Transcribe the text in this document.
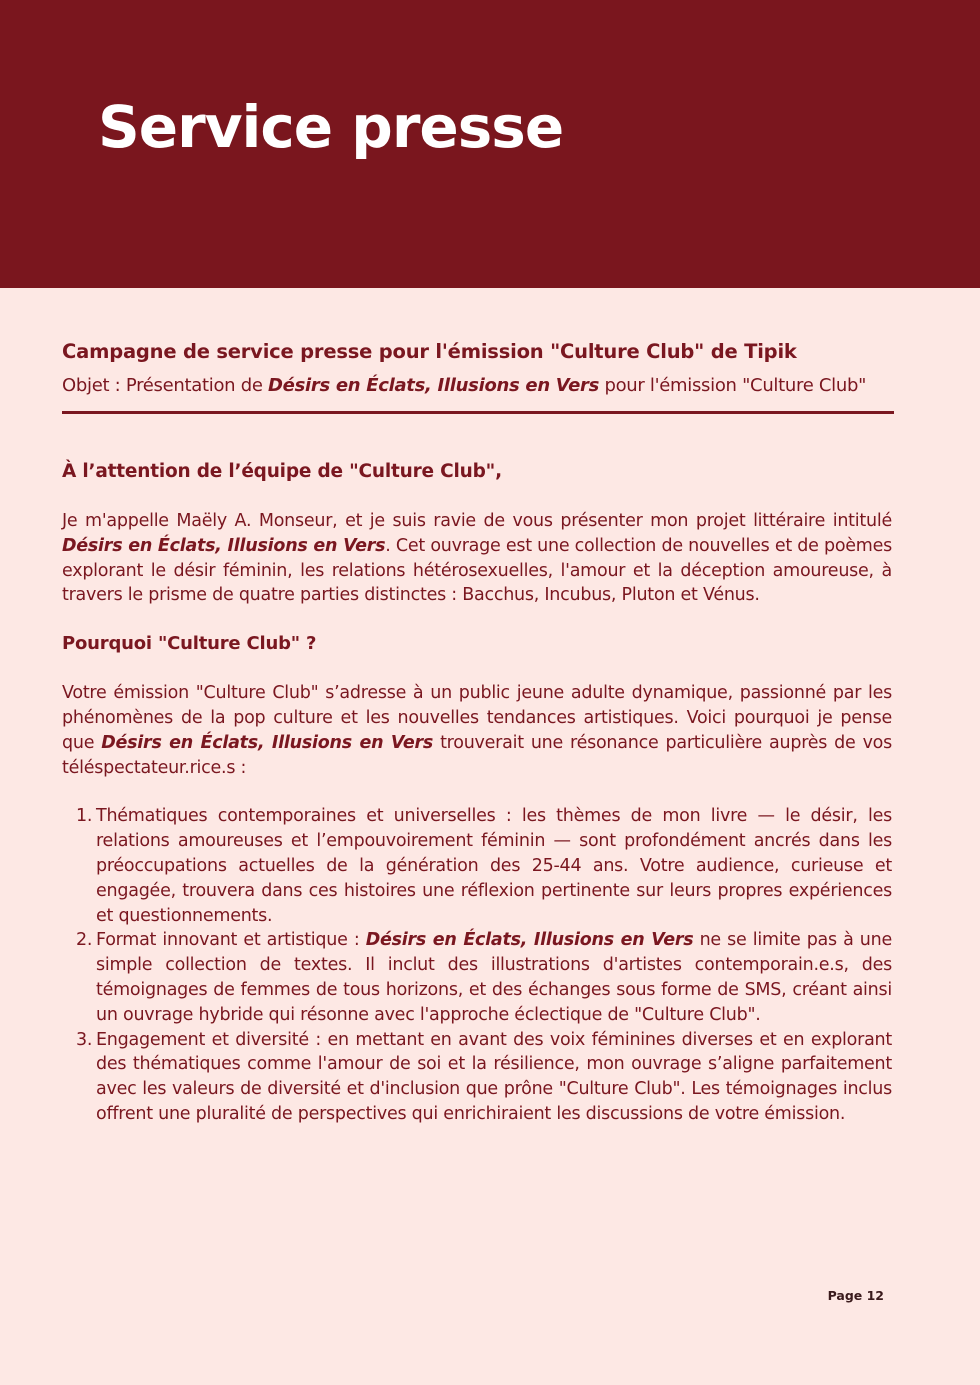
Service presse

Campagne de service presse pour l'émission "Culture Club" de Tipik

Objet : Présentation de Désirs en Éclats, Illusions en Vers pour l'émission "Culture Club"

À l’attention de l’équipe de "Culture Club",

Je m'appelle Maëly A. Monseur, et je suis ravie de vous présenter mon projet littéraire intitulé Désirs en Éclats, Illusions en Vers. Cet ouvrage est une collection de nouvelles et de poèmes explorant le désir féminin, les relations hétérosexuelles, l'amour et la déception amoureuse, à travers le prisme de quatre parties distinctes : Bacchus, Incubus, Pluton et Vénus.

Pourquoi "Culture Club" ?

Votre émission "Culture Club" s’adresse à un public jeune adulte dynamique, passionné par les phénomènes de la pop culture et les nouvelles tendances artistiques. Voici pourquoi je pense que Désirs en Éclats, Illusions en Vers trouverait une résonance particulière auprès de vos téléspectateur.rice.s :

1. Thématiques contemporaines et universelles : les thèmes de mon livre — le désir, les relations amoureuses et l’empouvoirement féminin — sont profondément ancrés dans les préoccupations actuelles de la génération des 25-44 ans. Votre audience, curieuse et engagée, trouvera dans ces histoires une réflexion pertinente sur leurs propres expériences et questionnements.
2. Format innovant et artistique : Désirs en Éclats, Illusions en Vers ne se limite pas à une simple collection de textes. Il inclut des illustrations d'artistes contemporain.e.s, des témoignages de femmes de tous horizons, et des échanges sous forme de SMS, créant ainsi un ouvrage hybride qui résonne avec l'approche éclectique de "Culture Club".
3. Engagement et diversité : en mettant en avant des voix féminines diverses et en explorant des thématiques comme l'amour de soi et la résilience, mon ouvrage s’aligne parfaitement avec les valeurs de diversité et d'inclusion que prône "Culture Club". Les témoignages inclus offrent une pluralité de perspectives qui enrichiraient les discussions de votre émission.
Page 12
